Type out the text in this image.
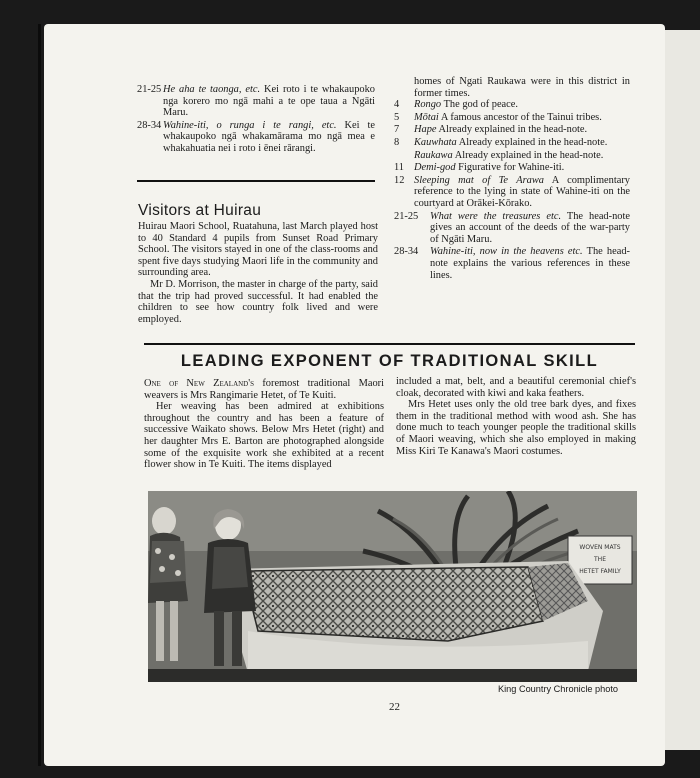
21-25 He aha te taonga, etc. Kei roto i te whakaupoko nga korero mo ngā mahi a te ope taua a Ngāti Maru.
28-34 Wahine-iti, o runga i te rangi, etc. Kei te whakaupoko ngā whakamārama mo ngā mea e whakahuatia nei i roto i ēnei rārangi.

homes of Ngati Raukawa were in this district in former times.

4 Rongo The god of peace.
5 Mōtai A famous ancestor of the Tainui tribes.
7 Hape Already explained in the head-note.
8 Kauwhata Already explained in the head-note.
Raukawa Already explained in the head-note.
11 Demi-god Figurative for Wahine-iti.
12 Sleeping mat of Te Arawa A complimentary reference to the lying in state of Wahine-iti on the courtyard at Orākei-Kōrako.
21-25 What were the treasures etc. The head-note gives an account of the deeds of the war-party of Ngāti Maru.
28-34 Wahine-iti, now in the heavens etc. The head-note explains the various references in these lines.
Visitors at Huirau

Huirau Maori School, Ruatahuna, last March played host to 40 Standard 4 pupils from Sunset Road Primary School. The visitors stayed in one of the class-rooms and spent five days studying Maori life in the community and surrounding area.

Mr D. Morrison, the master in charge of the party, said that the trip had proved successful. It had enabled the children to see how country folk lived and were employed.

LEADING EXPONENT OF TRADITIONAL SKILL

One of New Zealand's foremost traditional Maori weavers is Mrs Rangimarie Hetet, of Te Kuiti.

Her weaving has been admired at exhibitions throughout the country and has been a feature of successive Waikato shows. Below Mrs Hetet (right) and her daughter Mrs E. Barton are photographed alongside some of the exquisite work she exhibited at a recent flower show in Te Kuiti. The items displayed

included a mat, belt, and a beautiful ceremonial chief's cloak, decorated with kiwi and kaka feathers.

Mrs Hetet uses only the old tree bark dyes, and fixes them in the traditional method with wood ash. She has done much to teach younger people the traditional skills of Maori weaving, which she also employed in making Miss Kiri Te Kanawa's Maori costumes.

WOVEN MATS
THE
HETET FAMILY
King Country Chronicle photo
22
